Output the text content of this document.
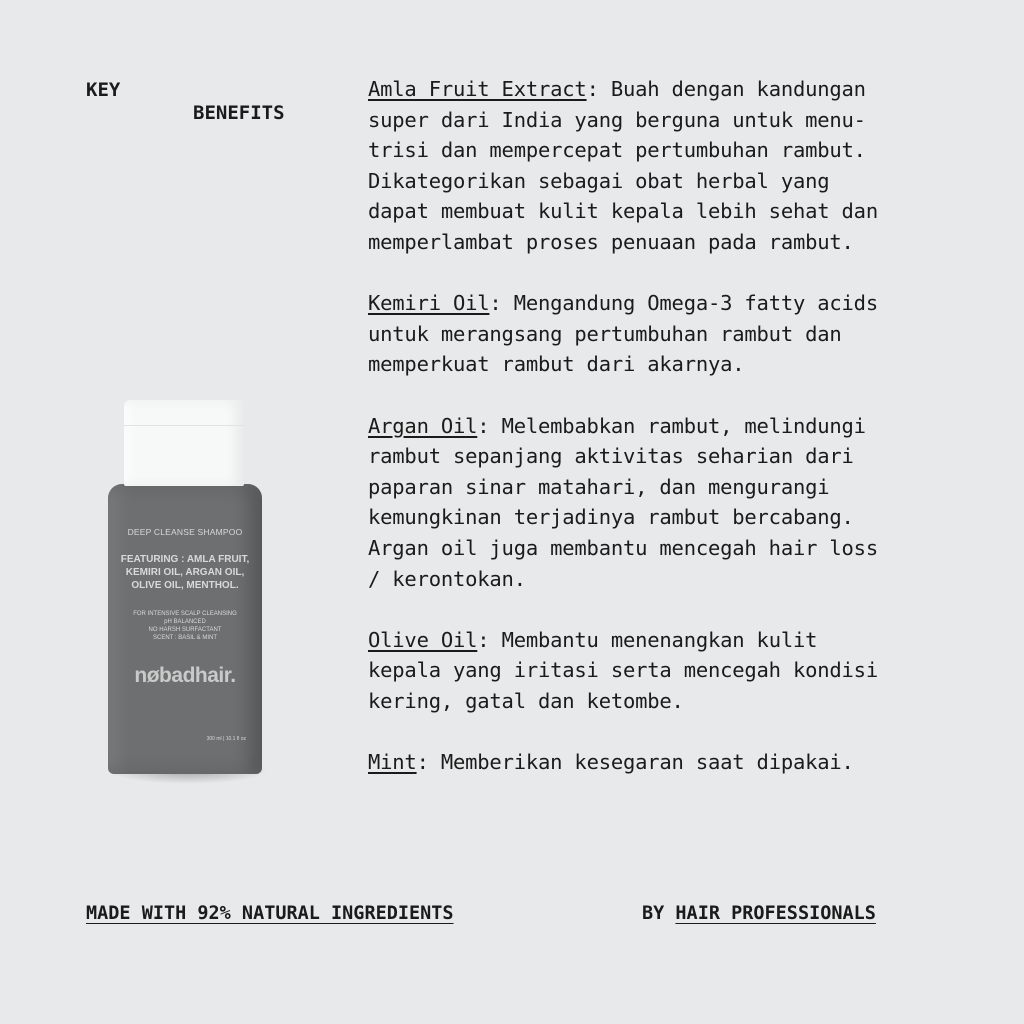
KEY
BENEFITS
DEEP CLEANSE SHAMPOO
FEATURING : AMLA FRUIT,
KEMIRI OIL, ARGAN OIL,
OLIVE OIL, MENTHOL.
FOR INTENSIVE SCALP CLEANSING
pH BALANCED
NO HARSH SURFACTANT
SCENT : BASIL & MINT
nøbadhair.
300 ml | 10.1 fl oz

Amla Fruit Extract: Buah dengan kandungan
super dari India yang berguna untuk menu-
trisi dan mempercepat pertumbuhan rambut.
Dikategorikan sebagai obat herbal yang
dapat membuat kulit kepala lebih sehat dan
memperlambat proses penuaan pada rambut.

Kemiri Oil: Mengandung Omega-3 fatty acids
untuk merangsang pertumbuhan rambut dan
memperkuat rambut dari akarnya.

Argan Oil: Melembabkan rambut, melindungi
rambut sepanjang aktivitas seharian dari
paparan sinar matahari, dan mengurangi
kemungkinan terjadinya rambut bercabang.
Argan oil juga membantu mencegah hair loss
/ kerontokan.

Olive Oil: Membantu menenangkan kulit
kepala yang iritasi serta mencegah kondisi
kering, gatal dan ketombe.

Mint: Memberikan kesegaran saat dipakai.

MADE WITH 92% NATURAL INGREDIENTS	BY HAIR PROFESSIONALS
